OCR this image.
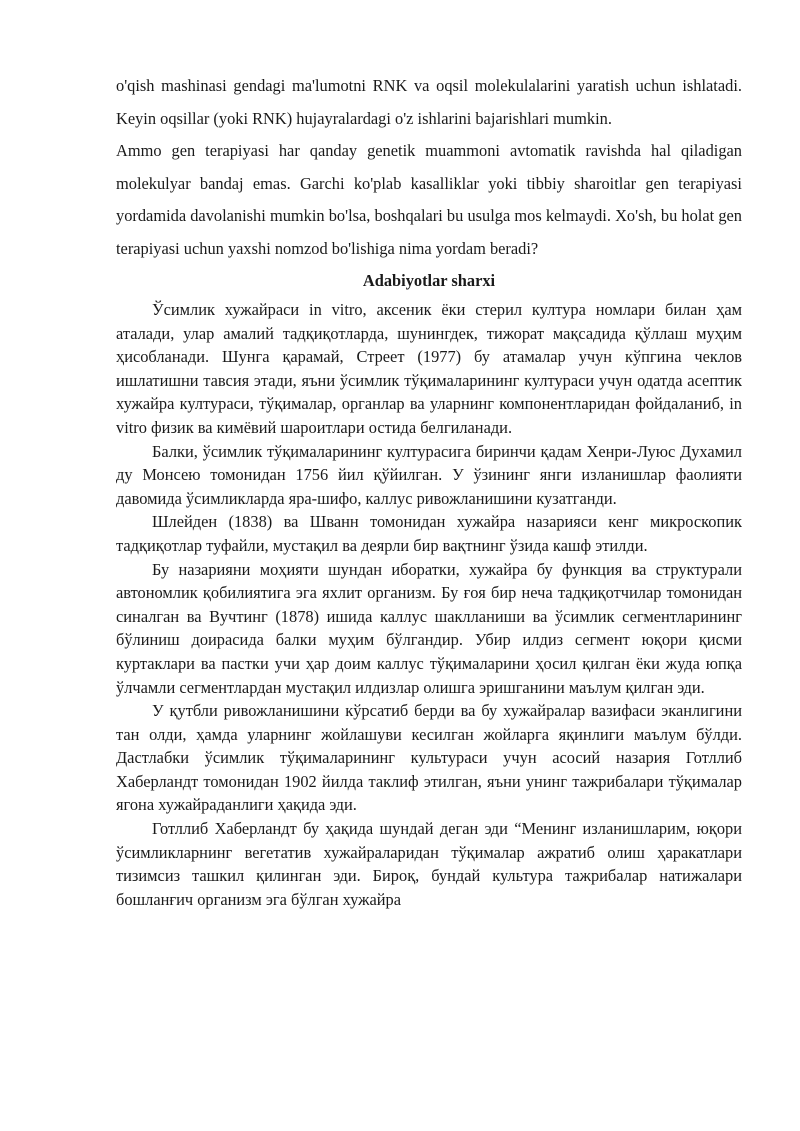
o'qish mashinasi gendagi ma'lumotni RNK va oqsil molekulalarini yaratish uchun ishlatadi. Keyin oqsillar (yoki RNK) hujayralardagi o'z ishlarini bajarishlari mumkin.

Ammo gen terapiyasi har qanday genetik muammoni avtomatik ravishda hal qiladigan molekulyar bandaj emas. Garchi ko'plab kasalliklar yoki tibbiy sharoitlar gen terapiyasi yordamida davolanishi mumkin bo'lsa, boshqalari bu usulga mos kelmaydi. Xo'sh, bu holat gen terapiyasi uchun yaxshi nomzod bo'lishiga nima yordam beradi?

Adabiyotlar sharxi

Ўсимлик хужайраси in vitro, аксеник ёки стерил култура номлари билан ҳам аталади, улар амалий тадқиқотларда, шунингдек, тижорат мақсадида қўллаш муҳим ҳисобланади. Шунга қарамай, Стреет (1977) бу атамалар учун кўпгина чеклов ишлатишни тавсия этади, яъни ўсимлик тўқималарининг култураси учун одатда асептик хужайра култураси, тўқималар, органлар ва уларнинг компонентларидан фойдаланиб, in vitro физик ва кимёвий шароитлари остида белгиланади.

Балки, ўсимлик тўқималарининг култураcига биринчи қадам Хенри-Луюс Духамил ду Монсею томонидан 1756 йил қўйилган. У ўзининг янги изланишлар фаолияти давомида ўсимликларда яра-шифо, каллус ривожланишини кузатганди.

Шлейден (1838) ва Шванн томонидан хужайра назарияси кенг микроскопик тадқиқотлар туфайли, мустақил ва деярли бир вақтнинг ўзида кашф этилди.

Бу назарияни моҳияти шундан иборатки, хужайра бу функция ва структурали автономлик қобилиятига эга яхлит организм. Бу ғоя бир неча тадқиқотчилар томонидан синалган ва Вучтинг (1878) ишида каллус шаклланиши ва ўсимлик сегментларининг бўлиниш доирасида балки муҳим бўлгандир. Убир илдиз сегмент юқори қисми куртаклари ва пастки учи ҳар доим каллус тўқималарини ҳосил қилган ёки жуда юпқа ўлчамли сегментлардан мустақил илдизлар олишга эришганини маълум қилган эди.

У қутбли ривожланишини кўрсатиб берди ва бу хужайралар вазифаси эканлигини тан олди, ҳамда уларнинг жойлашуви кесилган жойларга яқинлиги маълум бўлди. Дастлабки ўсимлик тўқималарининг культураси учун асосий назария Готллиб Хаберландт томонидан 1902 йилда таклиф этилган, яъни унинг тажрибалари тўқималар ягона хужайраданлиги ҳақида эди.

Готллиб Хаберландт бу ҳақида шундай деган эди “Менинг изланишларим, юқори ўсимликларнинг вегетатив хужайраларидан тўқималар ажратиб олиш ҳаракатлари тизимсиз ташкил қилинган эди. Бироқ, бундай культура тажрибалар натижалари бошланғич организм эга бўлган хужайра
